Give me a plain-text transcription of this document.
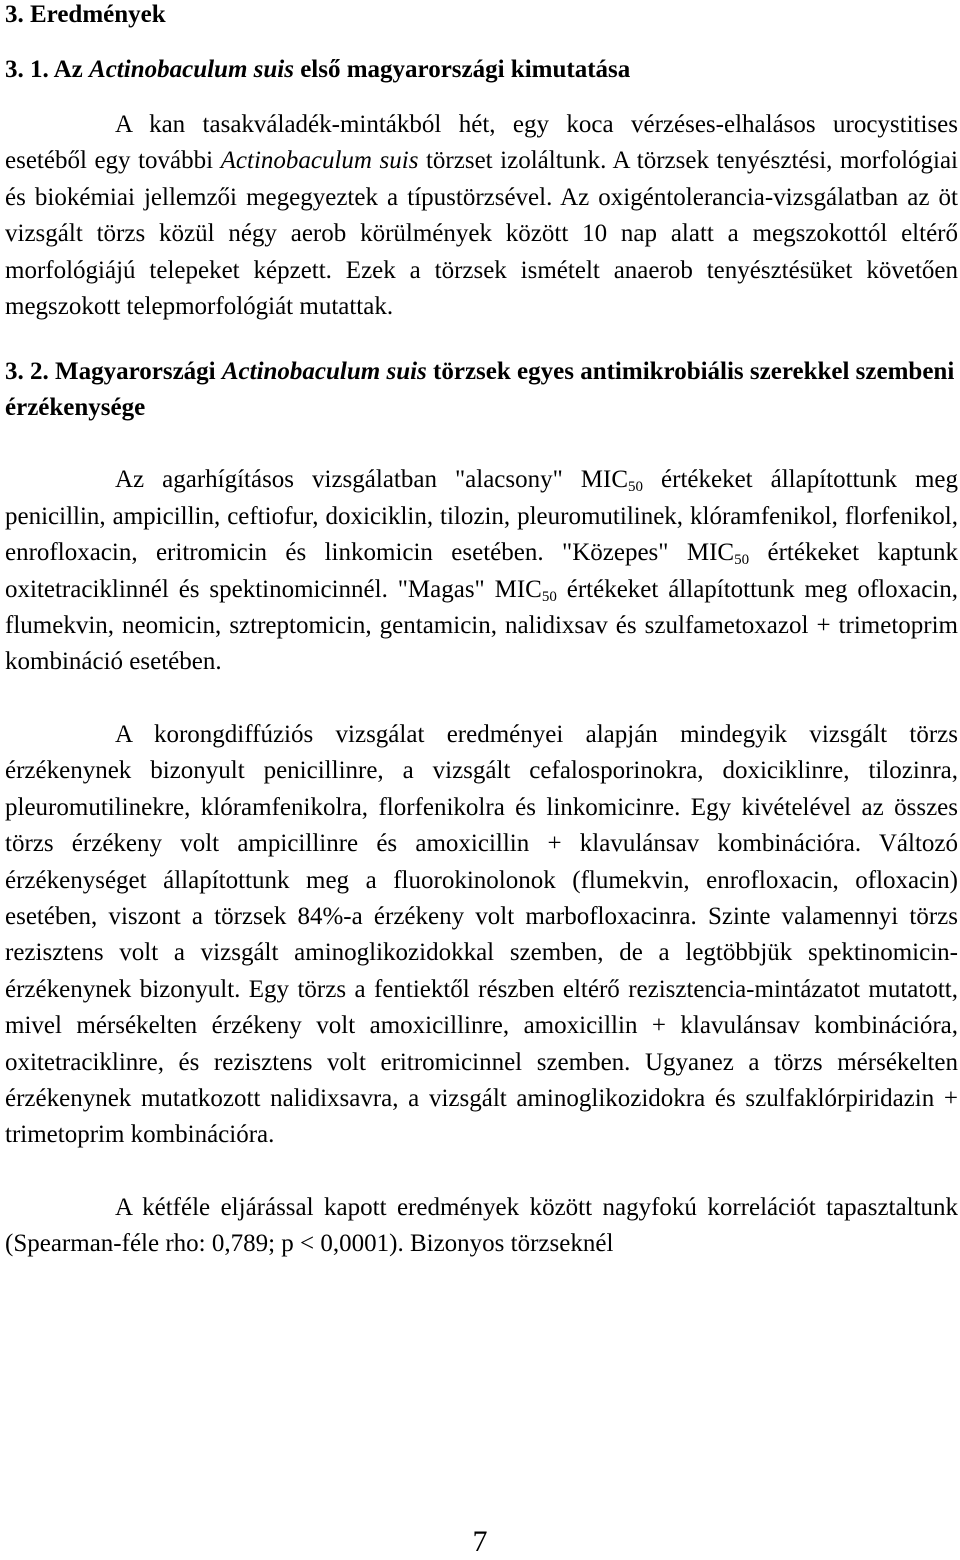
3. Eredmények
3. 1. Az Actinobaculum suis első magyarországi kimutatása

A kan tasakváladék-mintákból hét, egy koca vérzéses-elhalásos urocystitises esetéből egy további Actinobaculum suis törzset izoláltunk. A törzsek tenyésztési, morfológiai és biokémiai jellemzői megegyeztek a típustörzsével. Az oxigéntolerancia-vizsgálatban az öt vizsgált törzs közül négy aerob körülmények között 10 nap alatt a megszokottól eltérő morfológiájú telepeket képzett. Ezek a törzsek ismételt anaerob tenyésztésüket követően megszokott telepmorfológiát mutattak.

3. 2. Magyarországi Actinobaculum suis törzsek egyes antimikrobiális szerekkel szembeni érzékenysége

Az agarhígításos vizsgálatban "alacsony" $MIC_{50}$ értékeket állapítottunk meg penicillin, ampicillin, ceftiofur, doxiciklin, tilozin, pleuromutilinek, klóramfenikol, florfenikol, enrofloxacin, eritromicin és linkomicin esetében. "Közepes" $MIC_{50}$ értékeket kaptunk oxitetraciklinnél és spektinomicinnél. "Magas" $MIC_{50}$ értékeket állapítottunk meg ofloxacin, flumekvin, neomicin, sztreptomicin, gentamicin, nalidixsav és szulfametoxazol + trimetoprim kombináció esetében.

A korongdiffúziós vizsgálat eredményei alapján mindegyik vizsgált törzs érzékenynek bizonyult penicillinre, a vizsgált cefalosporinokra, doxiciklinre, tilozinra, pleuromutilinekre, klóramfenikolra, florfenikolra és linkomicinre. Egy kivételével az összes törzs érzékeny volt ampicillinre és amoxicillin + klavulánsav kombinációra. Változó érzékenységet állapítottunk meg a fluorokinolonok (flumekvin, enrofloxacin, ofloxacin) esetében, viszont a törzsek 84%-a érzékeny volt marbofloxacinra. Szinte valamennyi törzs rezisztens volt a vizsgált aminoglikozidokkal szemben, de a legtöbbjük spektinomicin-érzékenynek bizonyult. Egy törzs a fentiektől részben eltérő rezisztencia-mintázatot mutatott, mivel mérsékelten érzékeny volt amoxicillinre, amoxicillin + klavulánsav kombinációra, oxitetraciklinre, és rezisztens volt eritromicinnel szemben. Ugyanez a törzs mérsékelten érzékenynek mutatkozott nalidixsavra, a vizsgált aminoglikozidokra és szulfaklórpiridazin + trimetoprim kombinációra.

A kétféle eljárással kapott eredmények között nagyfokú korrelációt tapasztaltunk (Spearman-féle rho: 0,789; p < 0,0001). Bizonyos törzseknél

7
